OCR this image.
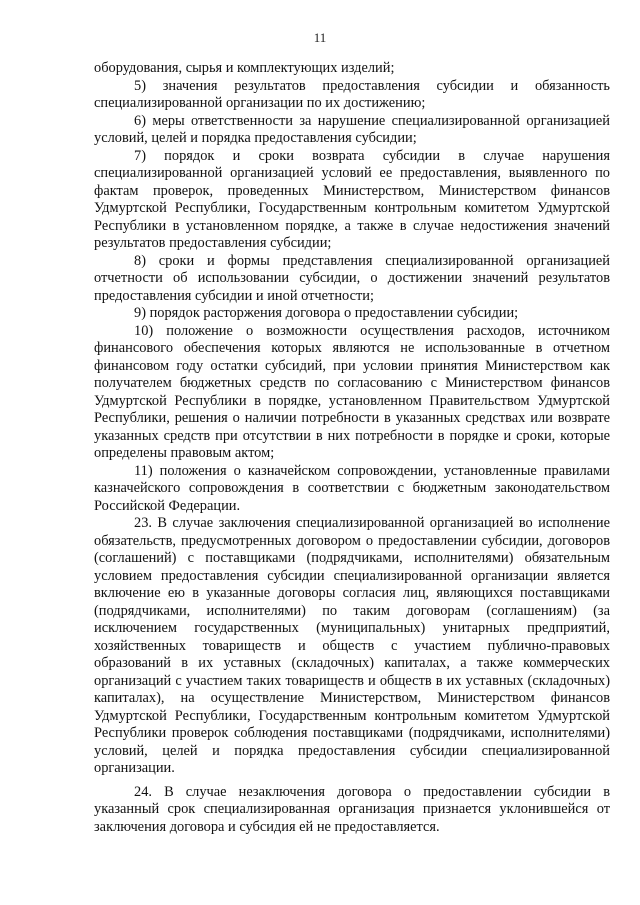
11

оборудования, сырья и комплектующих изделий;

5) значения результатов предоставления субсидии и обязанность специализированной организации по их достижению;

6) меры ответственности за нарушение специализированной организацией условий, целей и порядка предоставления субсидии;

7) порядок и сроки возврата субсидии в случае нарушения специализированной организацией условий ее предоставления, выявленного по фактам проверок, проведенных Министерством, Министерством финансов Удмуртской Республики, Государственным контрольным комитетом Удмуртской Республики в установленном порядке, а также в случае недостижения значений результатов предоставления субсидии;

8) сроки и формы представления специализированной организацией отчетности об использовании субсидии, о достижении значений результатов предоставления субсидии и иной отчетности;

9) порядок расторжения договора о предоставлении субсидии;

10) положение о возможности осуществления расходов, источником финансового обеспечения которых являются не использованные в отчетном финансовом году остатки субсидий, при условии принятия Министерством как получателем бюджетных средств по согласованию с Министерством финансов Удмуртской Республики в порядке, установленном Правительством Удмуртской Республики, решения о наличии потребности в указанных средствах или возврате указанных средств при отсутствии в них потребности в порядке и сроки, которые определены правовым актом;

11) положения о казначейском сопровождении, установленные правилами казначейского сопровождения в соответствии с бюджетным законодательством Российской Федерации.

23. В случае заключения специализированной организацией во исполнение обязательств, предусмотренных договором о предоставлении субсидии, договоров (соглашений) с поставщиками (подрядчиками, исполнителями) обязательным условием предоставления субсидии специализированной организации является включение ею в указанные договоры согласия лиц, являющихся поставщиками (подрядчиками, исполнителями) по таким договорам (соглашениям) (за исключением государственных (муниципальных) унитарных предприятий, хозяйственных товариществ и обществ с участием публично-правовых образований в их уставных (складочных) капиталах, а также коммерческих организаций с участием таких товариществ и обществ в их уставных (складочных) капиталах), на осуществление Министерством, Министерством финансов Удмуртской Республики, Государственным контрольным комитетом Удмуртской Республики проверок соблюдения поставщиками (подрядчиками, исполнителями) условий, целей и порядка предоставления субсидии специализированной организации.

24. В случае незаключения договора о предоставлении субсидии в указанный срок специализированная организация признается уклонившейся от заключения договора и субсидия ей не предоставляется.
